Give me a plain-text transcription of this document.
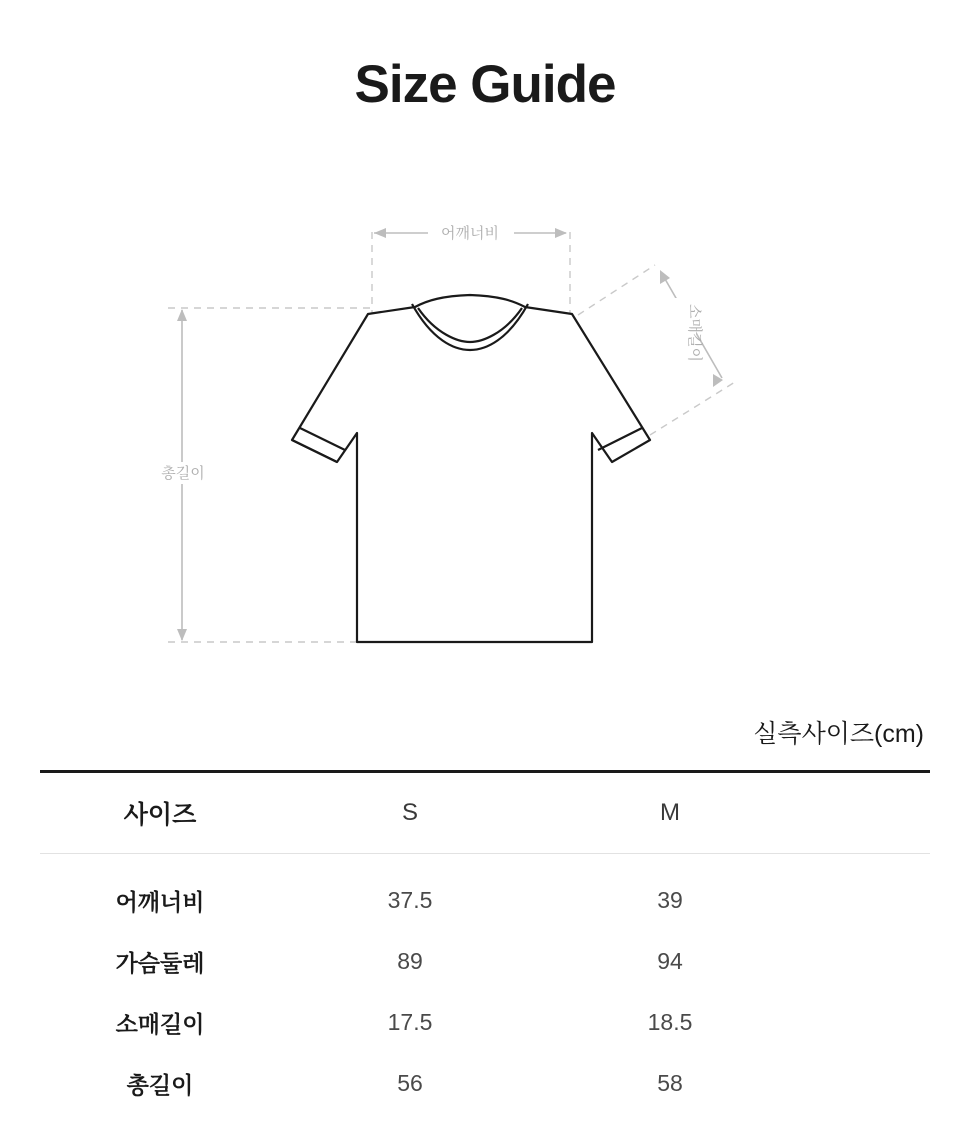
Size Guide
어깨너비
총길이
소매길이
실측사이즈(cm)
사이즈	S	M	
어깨너비	37.5	39	
가슴둘레	89	94	
소매길이	17.5	18.5	
총길이	56	58	
